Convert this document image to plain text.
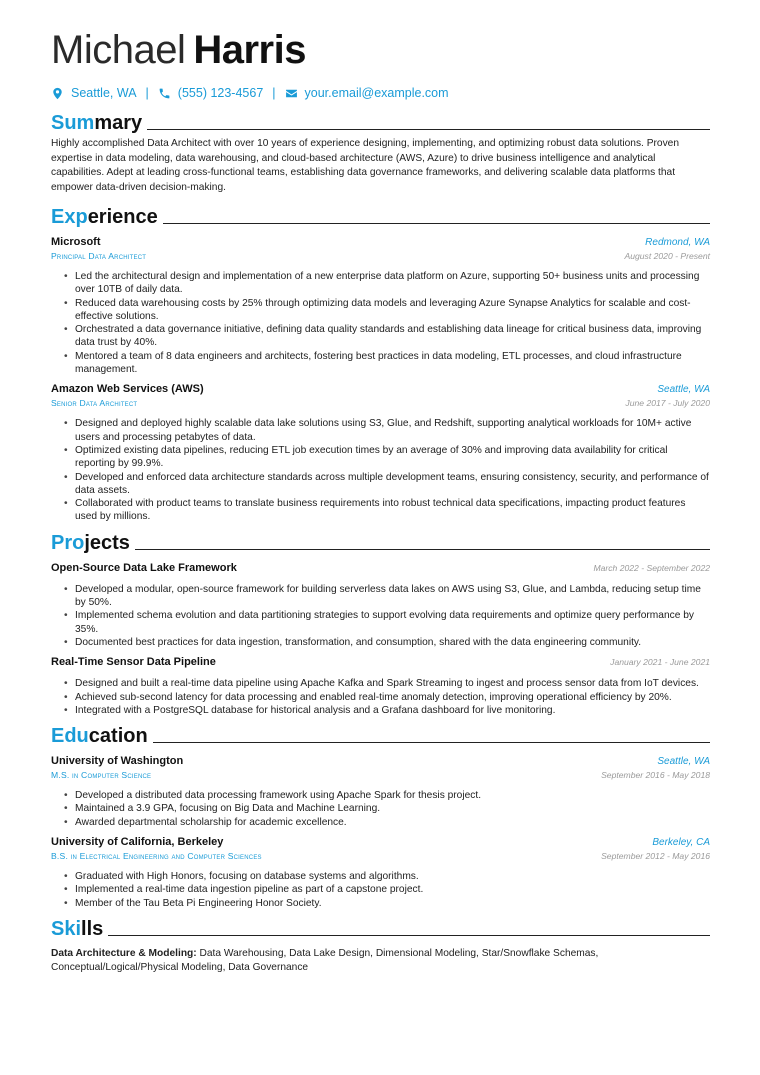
Michael Harris
Seattle, WA | (555) 123-4567 | your.email@example.com
Summary
Highly accomplished Data Architect with over 10 years of experience designing, implementing, and optimizing robust data solutions. Proven expertise in data modeling, data warehousing, and cloud-based architecture (AWS, Azure) to drive business intelligence and analytical capabilities. Adept at leading cross-functional teams, establishing data governance frameworks, and delivering scalable data platforms that empower data-driven decision-making.
Experience
Microsoft	Redmond, WA
Principal Data Architect	August 2020 - Present
• Led the architectural design and implementation of a new enterprise data platform on Azure, supporting 50+ business units and processing over 10TB of daily data.
• Reduced data warehousing costs by 25% through optimizing data models and leveraging Azure Synapse Analytics for scalable and cost-effective solutions.
• Orchestrated a data governance initiative, defining data quality standards and establishing data lineage for critical business data, improving data trust by 40%.
• Mentored a team of 8 data engineers and architects, fostering best practices in data modeling, ETL processes, and cloud infrastructure management.
Amazon Web Services (AWS)	Seattle, WA
Senior Data Architect	June 2017 - July 2020
• Designed and deployed highly scalable data lake solutions using S3, Glue, and Redshift, supporting analytical workloads for 10M+ active users and processing petabytes of data.
• Optimized existing data pipelines, reducing ETL job execution times by an average of 30% and improving data availability for critical reporting by 99.9%.
• Developed and enforced data architecture standards across multiple development teams, ensuring consistency, security, and performance of data assets.
• Collaborated with product teams to translate business requirements into robust technical data specifications, impacting product features used by millions.
Projects
Open-Source Data Lake Framework	March 2022 - September 2022
• Developed a modular, open-source framework for building serverless data lakes on AWS using S3, Glue, and Lambda, reducing setup time by 50%.
• Implemented schema evolution and data partitioning strategies to support evolving data requirements and optimize query performance by 35%.
• Documented best practices for data ingestion, transformation, and consumption, shared with the data engineering community.
Real-Time Sensor Data Pipeline	January 2021 - June 2021
• Designed and built a real-time data pipeline using Apache Kafka and Spark Streaming to ingest and process sensor data from IoT devices.
• Achieved sub-second latency for data processing and enabled real-time anomaly detection, improving operational efficiency by 20%.
• Integrated with a PostgreSQL database for historical analysis and a Grafana dashboard for live monitoring.
Education
University of Washington	Seattle, WA
M.S. in Computer Science	September 2016 - May 2018
• Developed a distributed data processing framework using Apache Spark for thesis project.
• Maintained a 3.9 GPA, focusing on Big Data and Machine Learning.
• Awarded departmental scholarship for academic excellence.
University of California, Berkeley	Berkeley, CA
B.S. in Electrical Engineering and Computer Sciences	September 2012 - May 2016
• Graduated with High Honors, focusing on database systems and algorithms.
• Implemented a real-time data ingestion pipeline as part of a capstone project.
• Member of the Tau Beta Pi Engineering Honor Society.
Skills
Data Architecture & Modeling: Data Warehousing, Data Lake Design, Dimensional Modeling, Star/Snowflake Schemas, Conceptual/Logical/Physical Modeling, Data Governance
